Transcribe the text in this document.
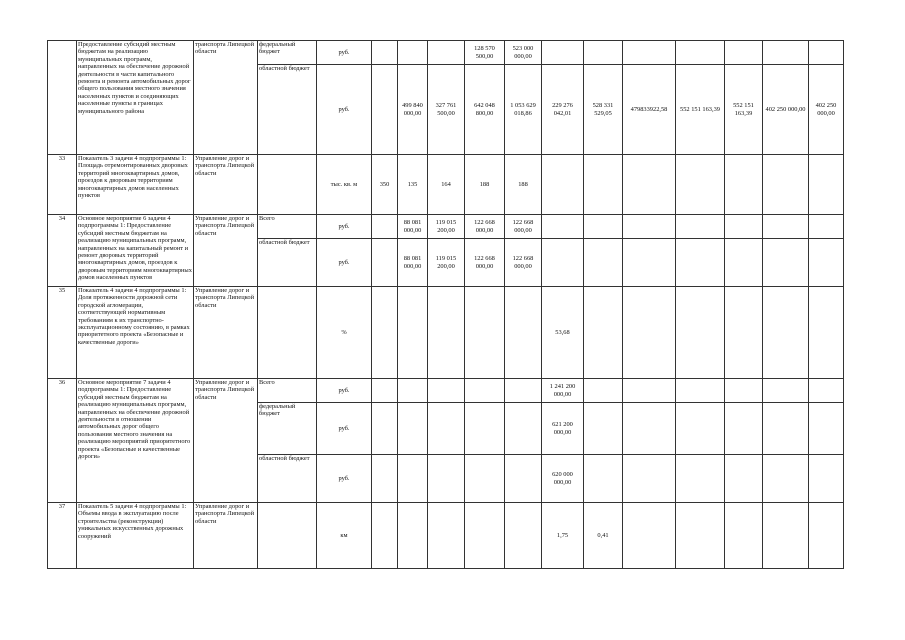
	Предоставление субсидий местным бюджетам на реализацию муниципальных программ, направленных на обеспечение дорожной деятельности в части капитального ремонта и ремонта автомобильных дорог общего пользования местного значения населенных пунктов и соединяющих населенные пункты в границах муниципального района	транспорта Липецкой области	федеральный бюджет	руб.				128 570 500,00	523 000 000,00							
			областной бюджет	руб.		499 840 000,00	327 761 500,00	642 048 800,00	1 053 629 018,86	229 276 042,01	528 331 529,05	479833922,58	552 151 163,39	552 151 163,39	402 250 000,00	402 250 000,00
33	Показатель 3 задачи 4 подпрограммы 1: Площадь отремонтированных дворовых территорий многоквартирных домов, проездов к дворовым территориям многоквартирных домов населенных пунктов	Управление дорог и транспорта Липецкой области		тыс. кв. м	350	135	164	188	188							
34	Основное мероприятие 6 задачи 4 подпрограммы 1: Предоставление субсидий местным бюджетам на реализацию муниципальных программ, направленных на капитальный ремонт и ремонт дворовых территорий многоквартирных домов, проездов к дворовым территориям многоквартирных домов населенных пунктов	Управление дорог и транспорта Липецкой области	Всего	руб.		88 081 000,00	119 015 200,00	122 668 000,00	122 668 000,00							
			областной бюджет	руб.		88 081 000,00	119 015 200,00	122 668 000,00	122 668 000,00							
35	Показатель 4 задачи 4 подпрограммы 1: Доля протяженности дорожной сети городской агломерации, соответствующей нормативным требованиям к их транспортно-эксплуатационному состоянию, в рамках приоритетного проекта «Безопасные и качественные дороги»	Управление дорог и транспорта Липецкой области		%						53,68						
36	Основное мероприятие 7 задачи 4 подпрограммы 1: Предоставление субсидий местным бюджетам на реализацию муниципальных программ, направленных на обеспечение дорожной деятельности в отношении автомобильных дорог общего пользования местного значения на реализацию мероприятий приоритетного проекта «Безопасные и качественные дороги»	Управление дорог и транспорта Липецкой области	Всего	руб.						1 241 200 000,00						
			федеральный бюджет	руб.						621 200 000,00						
			областной бюджет	руб.						620 000 000,00						
37	Показатель 5 задачи 4 подпрограммы 1: Объемы ввода в эксплуатацию после строительства (реконструкции) уникальных искусственных дорожных сооружений	Управление дорог и транспорта Липецкой области		км						1,75	0,41					
